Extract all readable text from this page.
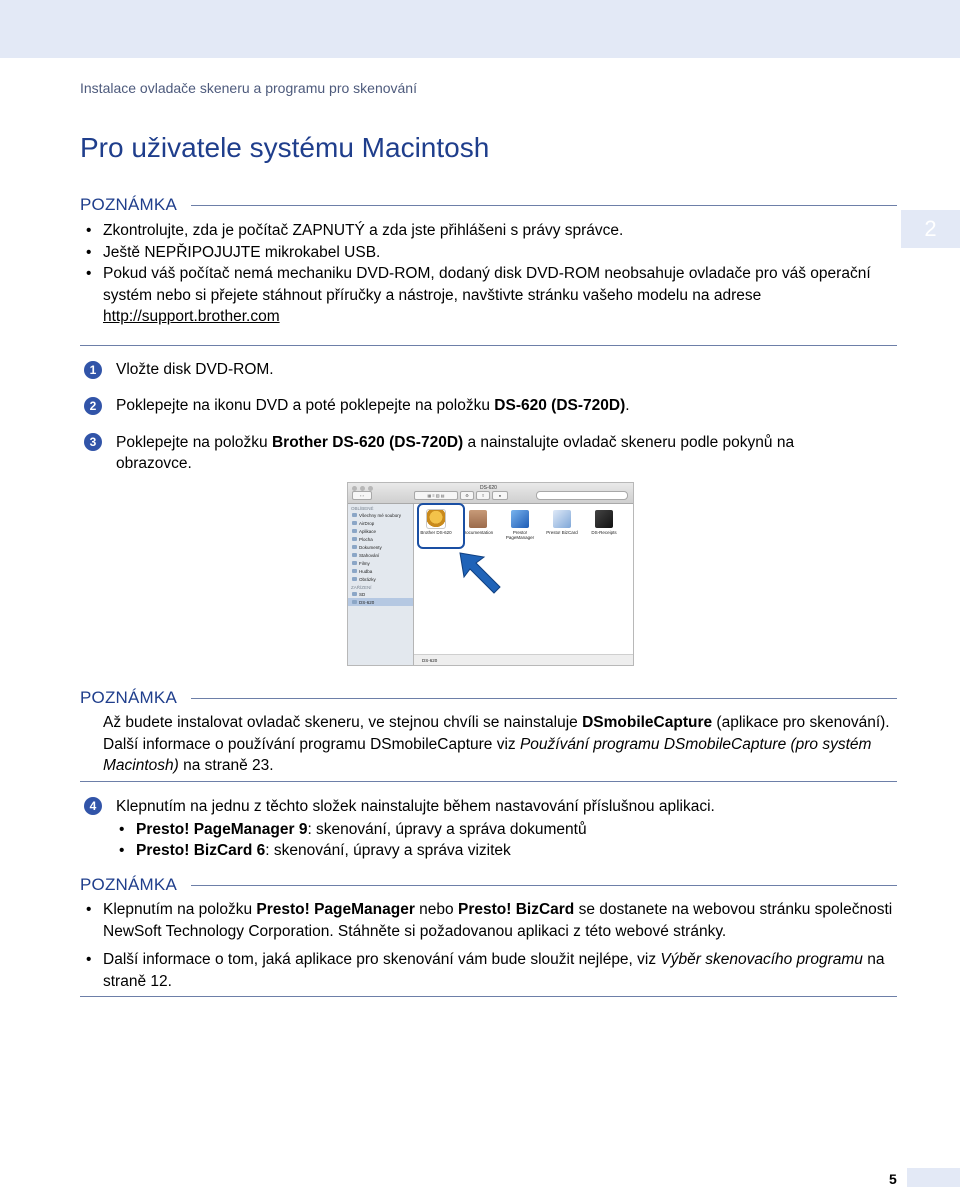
Instalace ovladače skeneru a programu pro skenování
2
Pro uživatele systému Macintosh
POZNÁMKA
• Zkontrolujte, zda je počítač ZAPNUTÝ a zda jste přihlášeni s právy správce.
• Ještě NEPŘIPOJUJTE mikrokabel USB.
• Pokud váš počítač nemá mechaniku DVD-ROM, dodaný disk DVD-ROM neobsahuje ovladače pro váš operační systém nebo si přejete stáhnout příručky a nástroje, navštivte stránku vašeho modelu na adrese http://support.brother.com
1	Vložte disk DVD-ROM.
2	Poklepejte na ikonu DVD a poté poklepejte na položku DS-620 (DS-720D).
3	Poklepejte na položku Brother DS-620 (DS-720D) a nainstalujte ovladač skeneru podle pokynů na obrazovce.
DS-620
‹ ›	▦ ≡ ▥ ▤	⚙	⇪	●
OBLÍBENÉ
Všechny mé soubory
AirDrop
Aplikace
Plocha
Dokumenty
Stahování
Filmy
Hudba
Obrázky
ZAŘÍZENÍ
SD
DS-620
Brother DS-620	Documentation	Presto! PageManager
Presto! BizCard	DS-Receipts
DS-620
POZNÁMKA

Až budete instalovat ovladač skeneru, ve stejnou chvíli se nainstaluje DSmobileCapture (aplikace pro skenování). Další informace o používání programu DSmobileCapture viz Používání programu DSmobileCapture (pro systém Macintosh) na straně 23.

4	Klepnutím na jednu z těchto složek nainstalujte během nastavování příslušnou aplikaci.
• Presto! PageManager 9: skenování, úpravy a správa dokumentů
• Presto! BizCard 6: skenování, úpravy a správa vizitek
POZNÁMKA
• Klepnutím na položku Presto! PageManager nebo Presto! BizCard se dostanete na webovou stránku společnosti NewSoft Technology Corporation. Stáhněte si požadovanou aplikaci z této webové stránky.
• Další informace o tom, jaká aplikace pro skenování vám bude sloužit nejlépe, viz Výběr skenovacího programu na straně 12.
5
